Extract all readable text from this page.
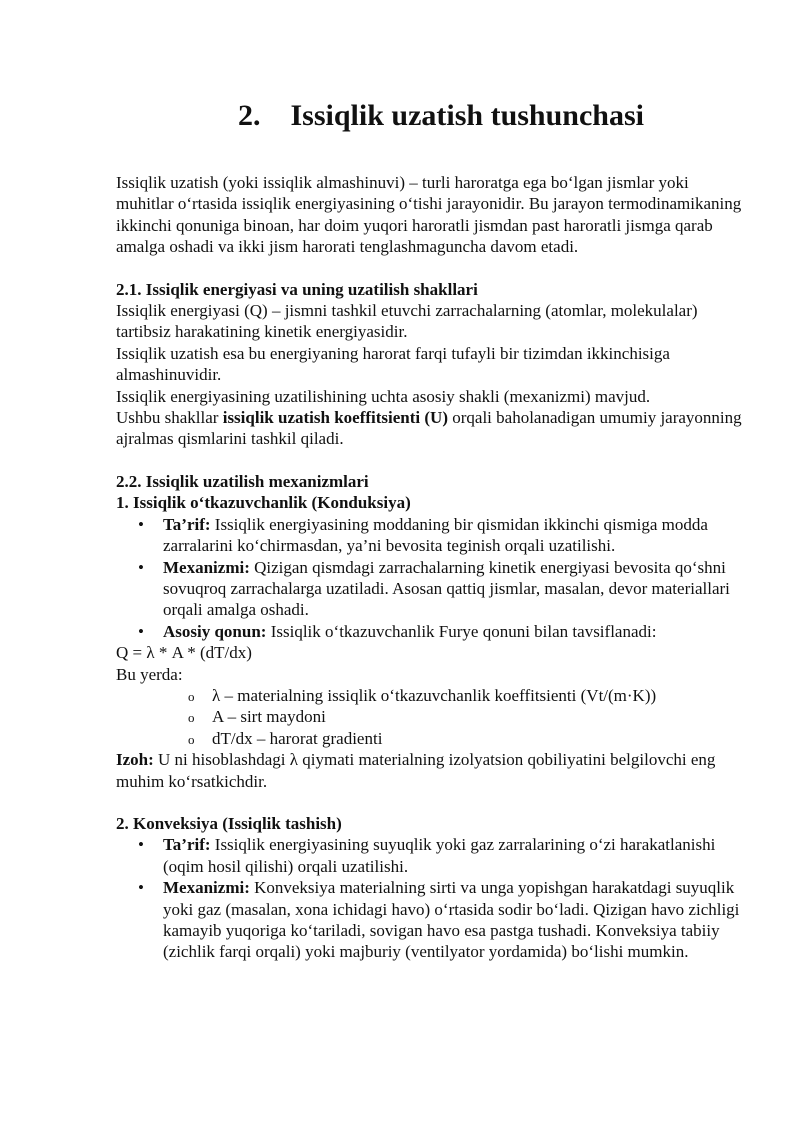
2. Issiqlik uzatish tushunchasi

Issiqlik uzatish (yoki issiqlik almashinuvi) – turli haroratga ega bo‘lgan jismlar yoki muhitlar o‘rtasida issiqlik energiyasining o‘tishi jarayonidir. Bu jarayon termodinamikaning ikkinchi qonuniga binoan, har doim yuqori haroratli jismdan past haroratli jismga qarab amalga oshadi va ikki jism harorati tenglashmaguncha davom etadi.

2.1. Issiqlik energiyasi va uning uzatilish shakllari

Issiqlik energiyasi (Q) – jismni tashkil etuvchi zarrachalarning (atomlar, molekulalar) tartibsiz harakatining kinetik energiyasidir.

Issiqlik uzatish esa bu energiyaning harorat farqi tufayli bir tizimdan ikkinchisiga almashinuvidir.

Issiqlik energiyasining uzatilishining uchta asosiy shakli (mexanizmi) mavjud.

Ushbu shakllar issiqlik uzatish koeffitsienti (U) orqali baholanadigan umumiy jarayonning ajralmas qismlarini tashkil qiladi.

2.2. Issiqlik uzatilish mexanizmlari

1. Issiqlik o‘tkazuvchanlik (Konduksiya)

• Ta’rif: Issiqlik energiyasining moddaning bir qismidan ikkinchi qismiga modda zarralarini ko‘chirmasdan, ya’ni bevosita teginish orqali uzatilishi.
• Mexanizmi: Qizigan qismdagi zarrachalarning kinetik energiyasi bevosita qo‘shni sovuqroq zarrachalarga uzatiladi. Asosan qattiq jismlar, masalan, devor materiallari orqali amalga oshadi.
• Asosiy qonun: Issiqlik o‘tkazuvchanlik Furye qonuni bilan tavsiflanadi:

Q = λ * A * (dT/dx)

Bu yerda:

o λ – materialning issiqlik o‘tkazuvchanlik koeffitsienti (Vt/(m·K))
o A – sirt maydoni
o dT/dx – harorat gradienti

Izoh: U ni hisoblashdagi λ qiymati materialning izolyatsion qobiliyatini belgilovchi eng muhim ko‘rsatkichdir.

2. Konveksiya (Issiqlik tashish)

• Ta’rif: Issiqlik energiyasining suyuqlik yoki gaz zarralarining o‘zi harakatlanishi (oqim hosil qilishi) orqali uzatilishi.
• Mexanizmi: Konveksiya materialning sirti va unga yopishgan harakatdagi suyuqlik yoki gaz (masalan, xona ichidagi havo) o‘rtasida sodir bo‘ladi. Qizigan havo zichligi kamayib yuqoriga ko‘tariladi, sovigan havo esa pastga tushadi. Konveksiya tabiiy (zichlik farqi orqali) yoki majburiy (ventilyator yordamida) bo‘lishi mumkin.
